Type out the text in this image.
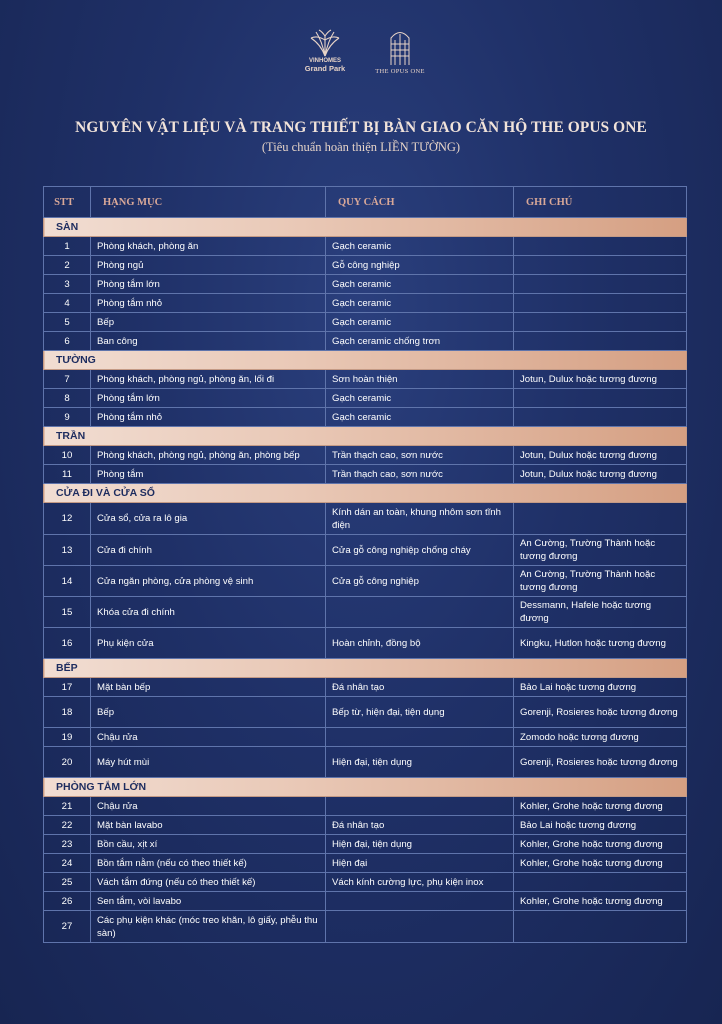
VINHOMES
Grand Park	THE OPUS ONE
NGUYÊN VẬT LIỆU VÀ TRANG THIẾT BỊ BÀN GIAO CĂN HỘ THE OPUS ONE
(Tiêu chuẩn hoàn thiện LIỀN TƯỜNG)
STT	HẠNG MỤC	QUY CÁCH	GHI CHÚ
SÀN			
1	Phòng khách, phòng ăn	Gạch ceramic	
2	Phòng ngủ	Gỗ công nghiệp	
3	Phòng tắm lớn	Gạch ceramic	
4	Phòng tắm nhỏ	Gạch ceramic	
5	Bếp	Gạch ceramic	
6	Ban công	Gạch ceramic chống trơn	
TƯỜNG			
7	Phòng khách, phòng ngủ, phòng ăn, lối đi	Sơn hoàn thiện	Jotun, Dulux hoặc tương đương
8	Phòng tắm lớn	Gạch ceramic	
9	Phòng tắm nhỏ	Gạch ceramic	
TRẦN			
10	Phòng khách, phòng ngủ, phòng ăn, phòng bếp	Trần thạch cao, sơn nước	Jotun, Dulux hoặc tương đương
11	Phòng tắm	Trần thạch cao, sơn nước	Jotun, Dulux hoặc tương đương
CỬA ĐI VÀ CỬA SỔ			
12	Cửa sổ, cửa ra lô gia	Kính dán an toàn, khung nhôm sơn tĩnh điện	
13	Cửa đi chính	Cửa gỗ công nghiệp chống cháy	An Cường, Trường Thành hoặc tương đương
14	Cửa ngăn phòng, cửa phòng vệ sinh	Cửa gỗ công nghiệp	An Cường, Trường Thành hoặc tương đương
15	Khóa cửa đi chính		Dessmann, Hafele hoặc tương đương
16	Phụ kiện cửa	Hoàn chỉnh, đồng bộ	Kingku, Hutlon hoặc tương đương
BẾP			
17	Mặt bàn bếp	Đá nhân tạo	Bảo Lai hoặc tương đương
18	Bếp	Bếp từ, hiện đại, tiện dụng	Gorenji, Rosieres hoặc tương đương
19	Chậu rửa		Zomodo hoặc tương đương
20	Máy hút mùi	Hiện đại, tiện dụng	Gorenji, Rosieres hoặc tương đương
PHÒNG TẮM LỚN			
21	Chậu rửa		Kohler, Grohe hoặc tương đương
22	Mặt bàn lavabo	Đá nhân tạo	Bảo Lai hoặc tương đương
23	Bồn cầu, xịt xí	Hiện đại, tiện dụng	Kohler, Grohe hoặc tương đương
24	Bồn tắm nằm (nếu có theo thiết kế)	Hiện đại	Kohler, Grohe hoặc tương đương
25	Vách tắm đứng (nếu có theo thiết kế)	Vách kính cường lực, phụ kiện inox	
26	Sen tắm, vòi lavabo		Kohler, Grohe hoặc tương đương
27	Các phụ kiện khác (móc treo khăn, lô giấy, phễu thu sàn)		
